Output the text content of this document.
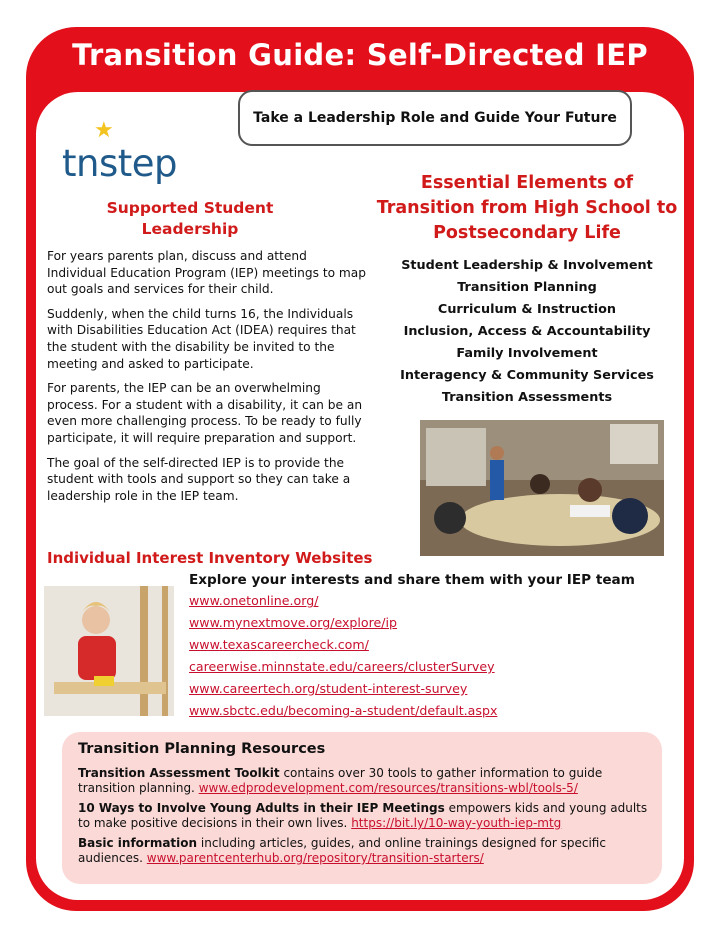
Transition Guide: Self-Directed IEP
Take a Leadership Role and Guide Your Future
★
tnstep
Supported Student Leadership

For years parents plan, discuss and attend Individual Education Program (IEP) meetings to map out goals and services for their child.

Suddenly, when the child turns 16, the Individuals with Disabilities Education Act (IDEA) requires that the student with the disability be invited to the meeting and asked to participate.

For parents, the IEP can be an overwhelming process. For a student with a disability, it can be an even more challenging process. To be ready to fully participate, it will require preparation and support.

The goal of the self-directed IEP is to provide the student with tools and support so they can take a leadership role in the IEP team.

Essential Elements of Transition from High School to Postsecondary Life
Student Leadership & Involvement
Transition Planning
Curriculum & Instruction
Inclusion, Access & Accountability
Family Involvement
Interagency & Community Services
Transition Assessments
Individual Interest Inventory Websites
Explore your interests and share them with your IEP team
www.onetonline.org/
www.mynextmove.org/explore/ip
www.texascareercheck.com/
careerwise.minnstate.edu/careers/clusterSurvey
www.careertech.org/student-interest-survey
www.sbctc.edu/becoming-a-student/default.aspx
Transition Planning Resources

Transition Assessment Toolkit contains over 30 tools to gather information to guide transition planning. www.edprodevelopment.com/resources/transitions-wbl/tools-5/

10 Ways to Involve Young Adults in their IEP Meetings empowers kids and young adults to make positive decisions in their own lives. https://bit.ly/10-way-youth-iep-mtg

Basic information including articles, guides, and online trainings designed for specific audiences. www.parentcenterhub.org/repository/transition-starters/
